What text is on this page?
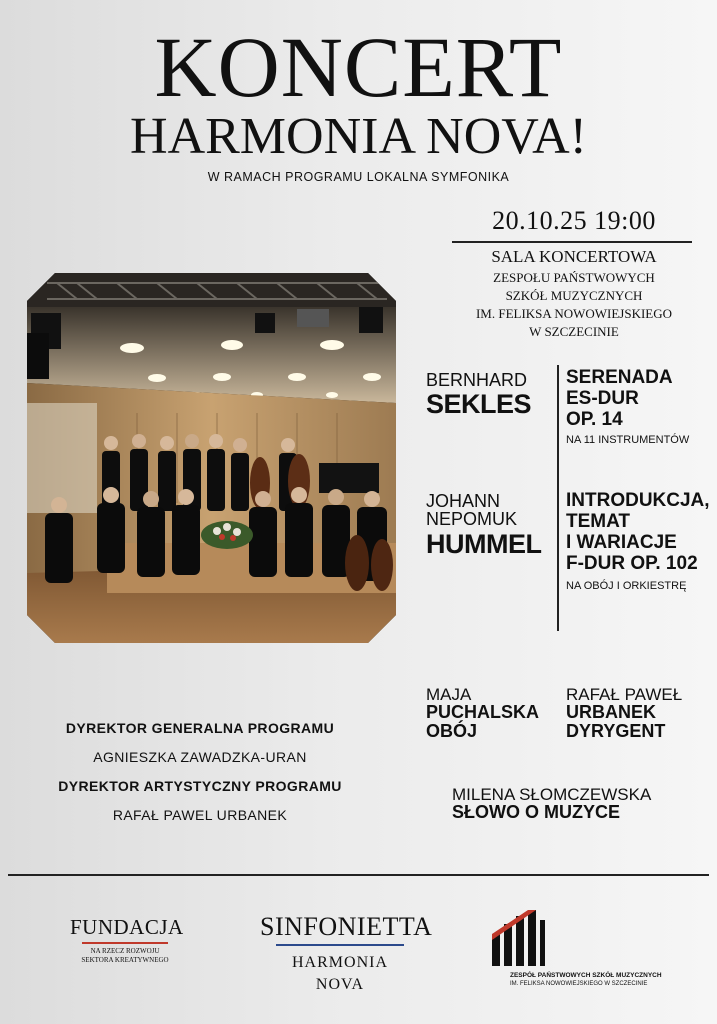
KONCERT
HARMONIA NOVA!
W RAMACH PROGRAMU LOKALNA SYMFONIKA
20.10.25 19:00
SALA KONCERTOWA
ZESPOŁU PAŃSTWOWYCH
SZKÓŁ MUZYCZNYCH
IM. FELIKSA NOWOWIEJSKIEGO
W SZCZECINIE
BERNHARD
SEKLES
JOHANN
NEPOMUK
HUMMEL
SERENADA
ES-DUR
OP. 14
NA 11 INSTRUMENTÓW
INTRODUKCJA,
TEMAT
I WARIACJE
F-DUR OP. 102
NA OBÓJ I ORKIESTRĘ
MAJA
PUCHALSKA
OBÓJ
RAFAŁ PAWEŁ
URBANEK
DYRYGENT
MILENA SŁOMCZEWSKA
SŁOWO O MUZYCE
DYREKTOR GENERALNA PROGRAMU
AGNIESZKA ZAWADZKA-URAN
DYREKTOR ARTYSTYCZNY PROGRAMU
RAFAŁ PAWEL URBANEK
FUNDACJA
NA RZECZ ROZWOJU
SEKTORA KREATYWNEGO
SINFONIETTA
HARMONIA
NOVA
ZESPÓŁ PAŃSTWOWYCH SZKÓŁ MUZYCZNYCH
IM. FELIKSA NOWOWIEJSKIEGO W SZCZECINIE
